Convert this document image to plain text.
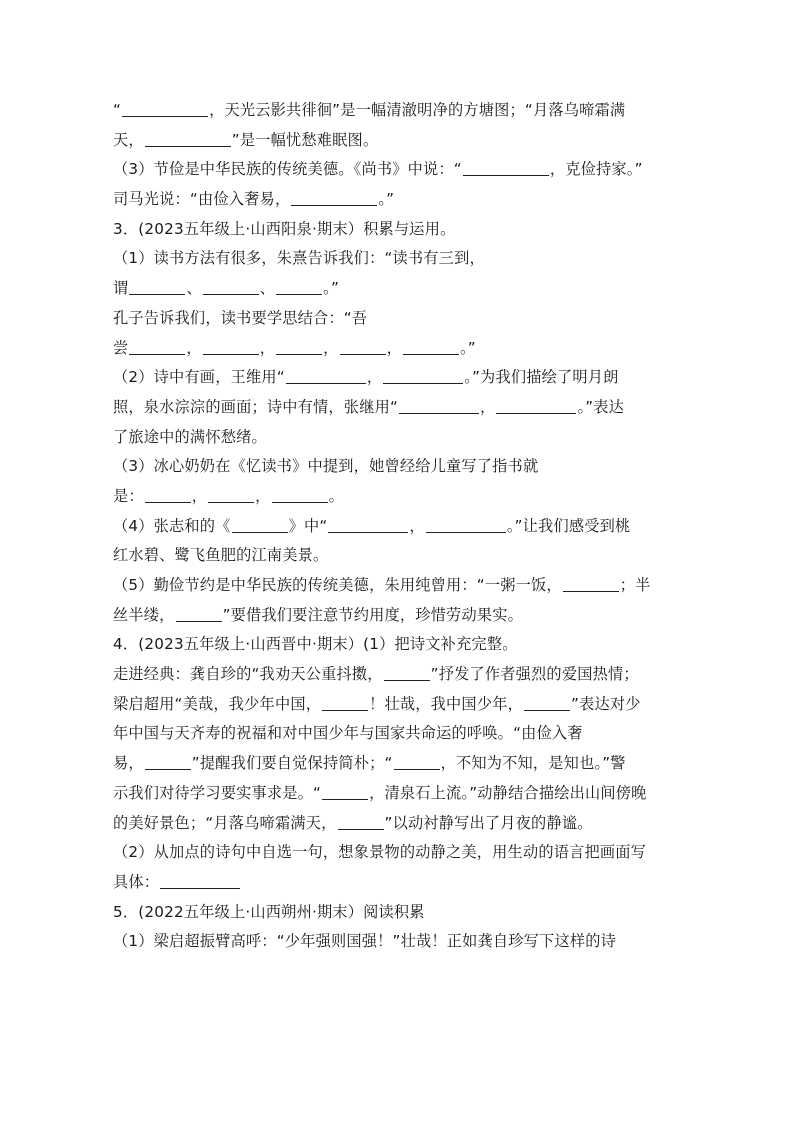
“	，天光云影共徘徊”是一幅清澈明净的方塘图；“月落乌啼霜满
天，	”是一幅忧愁难眠图。
（3）节俭是中华民族的传统美德。《尚书》中说：“	，克俭持家。”
司马光说：“由俭入奢易，	。”
3．(2023五年级上·山西阳泉·期末）积累与运用。
（1）读书方法有很多，朱熹告诉我们：“读书有三到，
谓	、	、	。”
孔子告诉我们，读书要学思结合：“吾
尝	，	，	，	，	。”
（2）诗中有画，王维用“	，	。”为我们描绘了明月朗
照，泉水淙淙的画面；诗中有情，张继用“	，	。”表达
了旅途中的满怀愁绪。
（3）冰心奶奶在《忆读书》中提到，她曾经给儿童写了指书就
是：	，	，	。
（4）张志和的《	》中“	，	。”让我们感受到桃
红水碧、鹭飞鱼肥的江南美景。
（5）勤俭节约是中华民族的传统美德，朱用纯曾用：“一粥一饭，	；半
丝半缕，	”要借我们要注意节约用度，珍惜劳动果实。
4．(2023五年级上·山西晋中·期末）(1）把诗文补充完整。
走进经典：龚自珍的“我劝天公重抖擞，	”抒发了作者强烈的爱国热情；
梁启超用“美哉，我少年中国，	！壮哉，我中国少年，	”表达对少
年中国与天齐寿的祝福和对中国少年与国家共命运的呼唤。“由俭入奢
易，	”提醒我们要自觉保持简朴；“	，不知为不知，是知也。”警
示我们对待学习要实事求是。“	，清泉石上流。”动静结合描绘出山间傍晚
的美好景色；“月落乌啼霜满天，	”以动衬静写出了月夜的静谧。
（2）从加点的诗句中自选一句，想象景物的动静之美，用生动的语言把画面写
具体：
5．(2022五年级上·山西朔州·期末）阅读积累
（1）梁启超振臂高呼：“少年强则国强！”壮哉！正如龚自珍写下这样的诗
